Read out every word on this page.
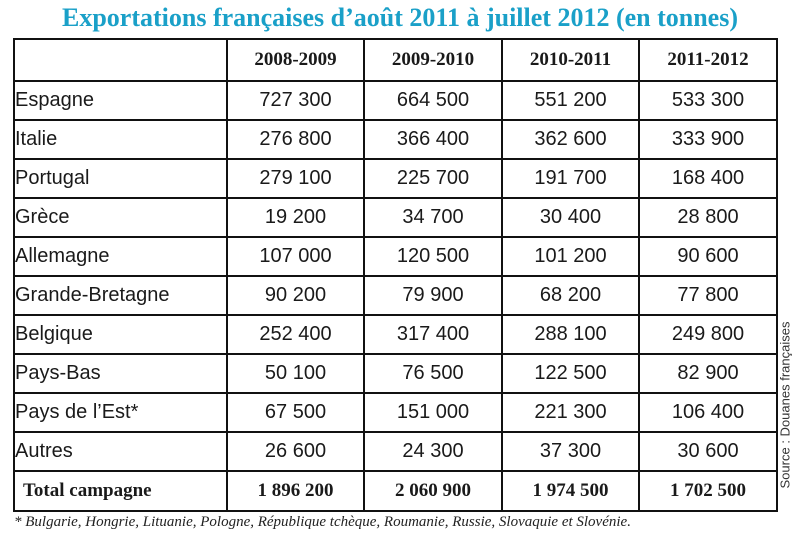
Exportations françaises d’août 2011 à juillet 2012 (en tonnes)
	2008-2009	2009-2010	2010-2011	2011-2012
Espagne	727 300	664 500	551 200	533 300
Italie	276 800	366 400	362 600	333 900
Portugal	279 100	225 700	191 700	168 400
Grèce	19 200	34 700	30 400	28 800
Allemagne	107 000	120 500	101 200	90 600
Grande-Bretagne	90 200	79 900	68 200	77 800
Belgique	252 400	317 400	288 100	249 800
Pays-Bas	50 100	76 500	122 500	82 900
Pays de l’Est*	67 500	151 000	221 300	106 400
Autres	26 600	24 300	37 300	30 600
Total campagne	1 896 200	2 060 900	1 974 500	1 702 500
Source : Douanes françaises
* Bulgarie, Hongrie, Lituanie, Pologne, République tchèque, Roumanie, Russie, Slovaquie et Slovénie.
